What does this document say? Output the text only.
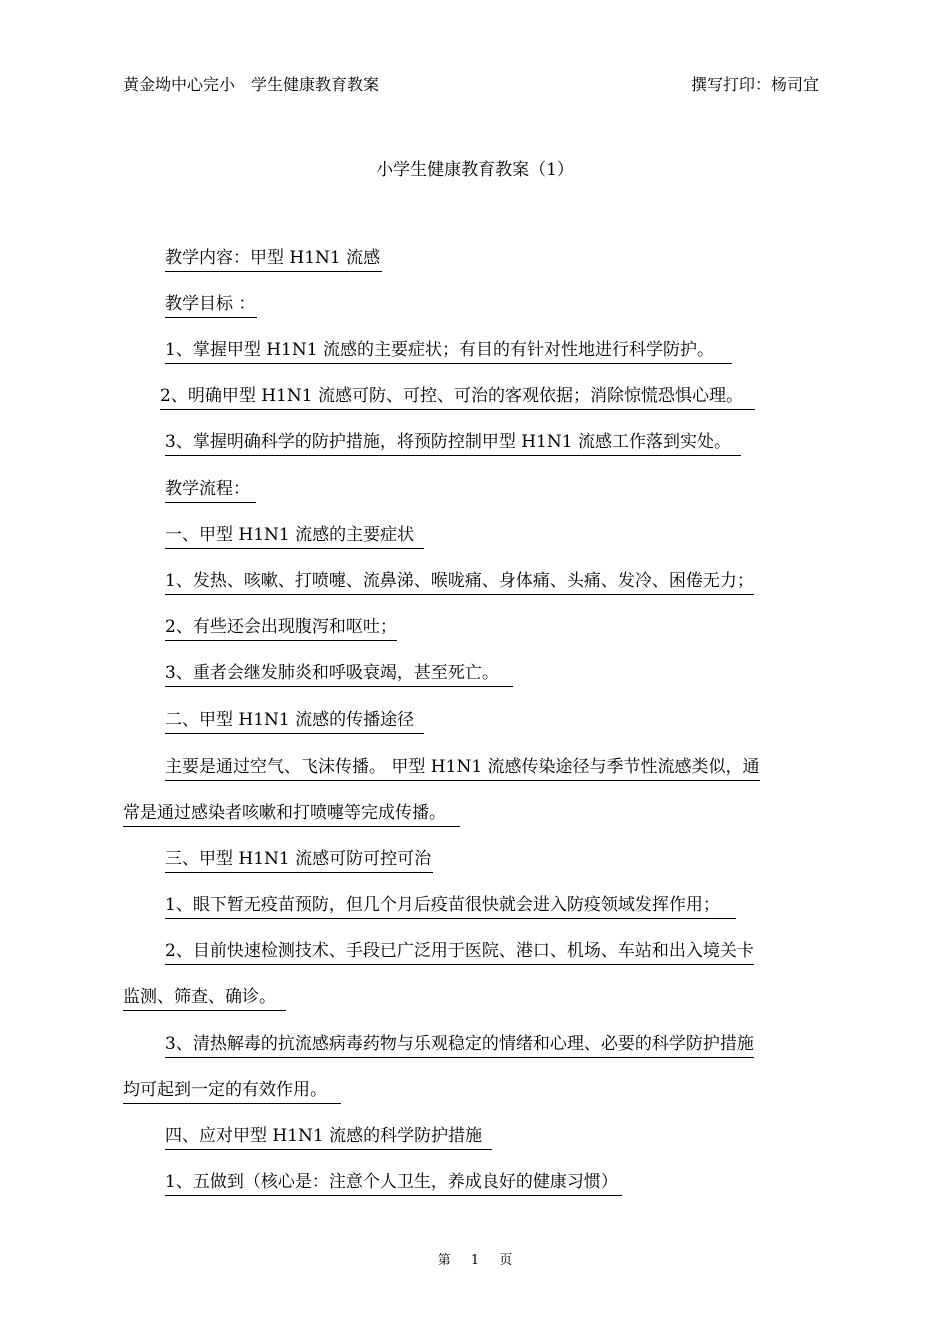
黄金坳中心完小　学生健康教育教案	撰写打印：杨司宜
小学生健康教育教案（1）
教学内容：甲型 H1N1 流感
教学目标 ：
1、掌握甲型 H1N1 流感的主要症状；有目的有针对性地进行科学防护。
2、明确甲型 H1N1 流感可防、可控、可治的客观依据；消除惊慌恐惧心理。
3、掌握明确科学的防护措施，将预防控制甲型 H1N1 流感工作落到实处。
教学流程：
一、甲型 H1N1 流感的主要症状
1、发热、咳嗽、打喷嚏、流鼻涕、喉咙痛、身体痛、头痛、发冷、困倦无力；
2、有些还会出现腹泻和呕吐；
3、重者会继发肺炎和呼吸衰竭，甚至死亡。
二、甲型 H1N1 流感的传播途径
主要是通过空气、飞沫传播。 甲型 H1N1 流感传染途径与季节性流感类似，通
常是通过感染者咳嗽和打喷嚏等完成传播。
三、甲型 H1N1 流感可防可控可治
1、眼下暂无疫苗预防，但几个月后疫苗很快就会进入防疫领域发挥作用；
2、目前快速检测技术、手段已广泛用于医院、港口、机场、车站和出入境关卡
监测、筛查、确诊。
3、清热解毒的抗流感病毒药物与乐观稳定的情绪和心理、必要的科学防护措施
均可起到一定的有效作用。
四、应对甲型 H1N1 流感的科学防护措施
1、五做到（核心是：注意个人卫生，养成良好的健康习惯）
第 1 页
